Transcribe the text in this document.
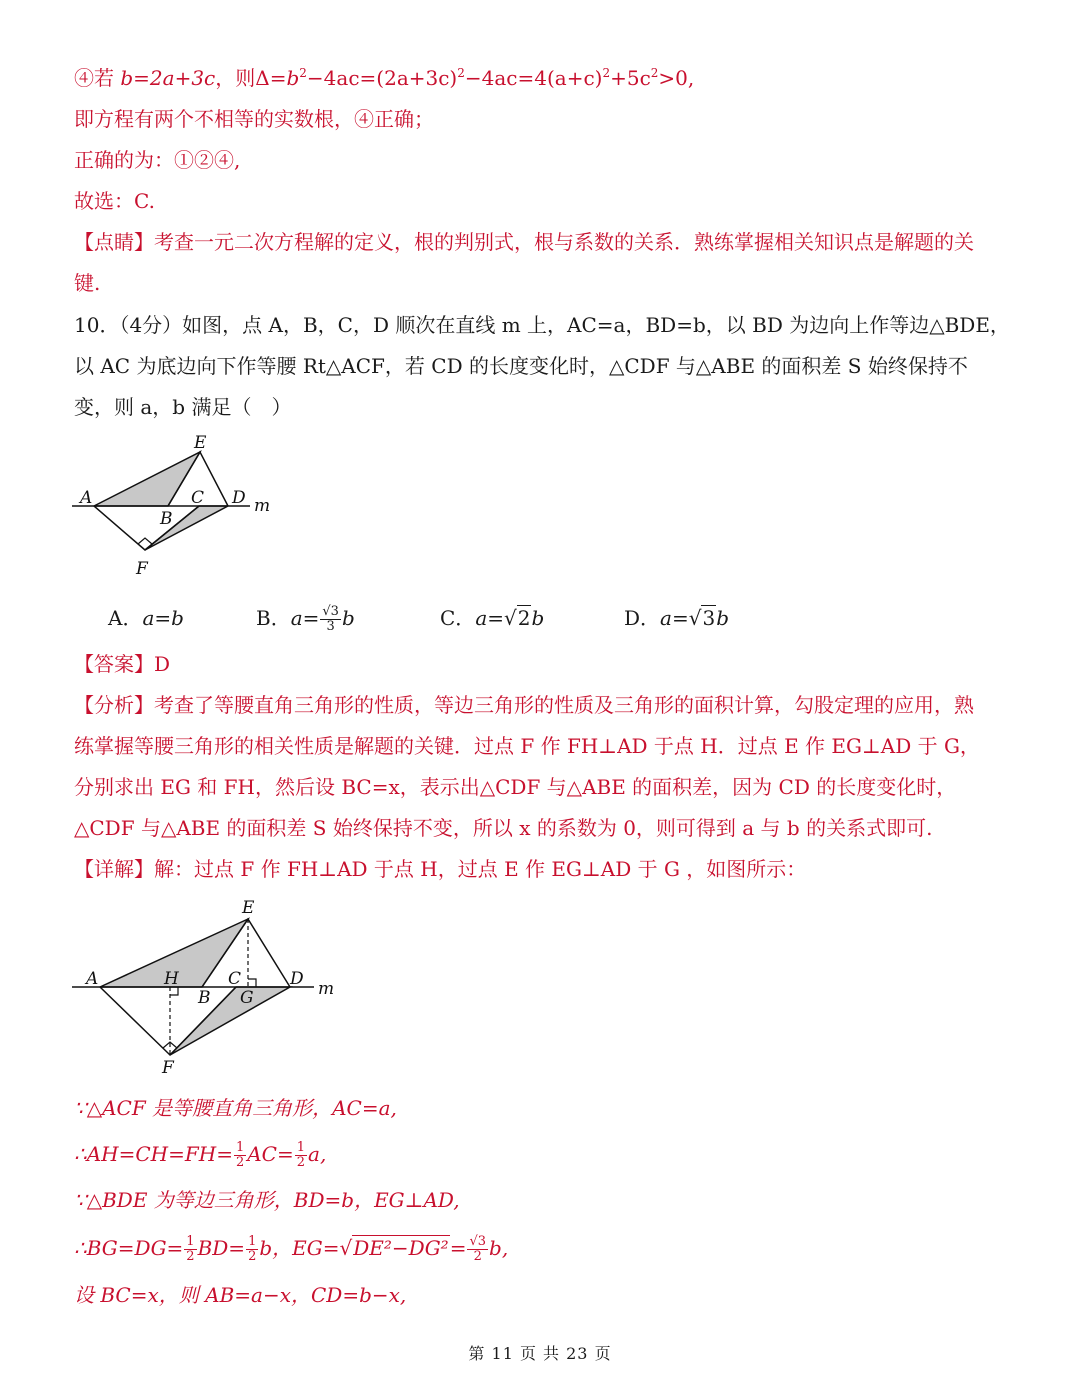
④若 b=2a+3c，则$\Delta=b^2-4ac=(2a+3c)^2-4ac=4(a+c)^2+5c^2>0$,
即方程有两个不相等的实数根，④正确；
正确的为：①②④,
故选：C.
【点睛】考查一元二次方程解的定义，根的判别式，根与系数的关系．熟练掌握相关知识点是解题的关
键.
10．（4分）如图，点 A，B，C，D 顺次在直线 m 上，AC=a，BD=b，以 BD 为边向上作等边△BDE，
以 AC 为底边向下作等腰 Rt△ACF，若 CD 的长度变化时，△CDF 与△ABE 的面积差 S 始终保持不
变，则 a，b 满足（　）
E
A	C D m
B
F
A．a=b	B．$a= \frac{√3}{3}$ b	C．a=√2b	D．a=√3b
【答案】D
【分析】考查了等腰直角三角形的性质，等边三角形的性质及三角形的面积计算，勾股定理的应用，熟
练掌握等腰三角形的相关性质是解题的关键．过点 F 作 FH⊥AD 于点 H．过点 E 作 EG⊥AD 于 G，
分别求出 EG 和 FH，然后设 BC=x，表示出△CDF 与△ABE 的面积差，因为 CD 的长度变化时，
△CDF 与△ABE 的面积差 S 始终保持不变，所以 x 的系数为 0，则可得到 a 与 b 的关系式即可.
【详解】解：过点 F 作 FH⊥AD 于点 H，过点 E 作 EG⊥AD 于 G ，如图所示：
E
A	H	C	D m
B G
F
∵△ACF 是等腰直角三角形，AC=a,
∴AH=CH=FH= $\frac{1}{2} AC= \frac{1}{2} a$,
∵△BDE 为等边三角形，BD=b，EG⊥AD,
∴BG=DG= $\frac{1}{2} BD= \frac{1}{2}$ b，$EG=√DE^2-DG^2= \frac{√3}{2} b$,
设 BC=x，则 AB=a−x，CD=b−x,
第 11 页 共 23 页
